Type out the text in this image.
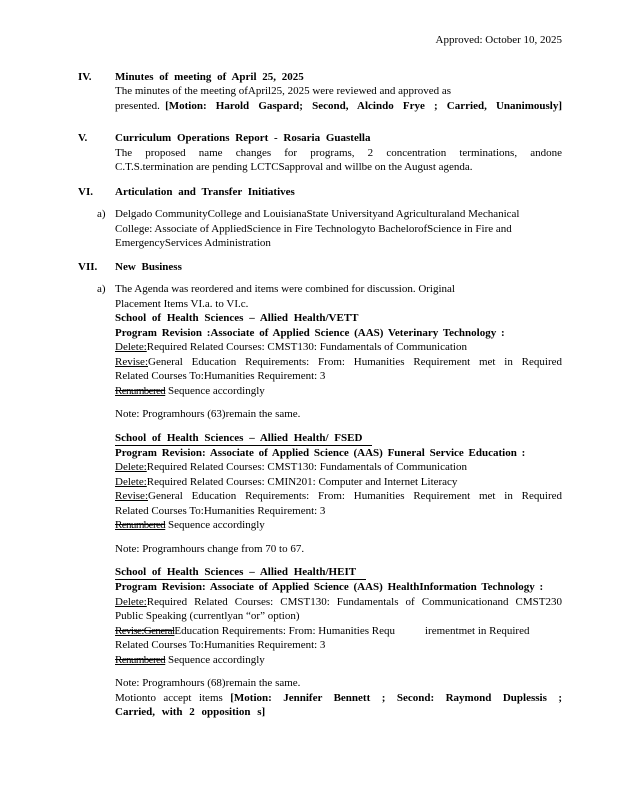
Approved: October 10, 2025
IV.	Minutes of meeting of April 25, 2025
The minutes of the meeting ofApril25, 2025 were reviewed and approved as
presented. [Motion: Harold Gaspard; Second, Alcindo Frye ; Carried, Unanimously]
V.	Curriculum Operations Report - Rosaria Guastella
The proposed name changes for programs, 2 concentration terminations, andone
C.T.S.termination are pending LCTCSapproval and willbe on the August agenda.
VI.	Articulation and Transfer Initiatives
a) Delgado CommunityCollege and LouisianaState Universityand Agriculturaland Mechanical
College: Associate of AppliedScience in Fire Technologyto BachelorofScience in Fire and
EmergencyServices Administration
VII.	New Business
a) The Agenda was reordered and items were combined for discussion. Original
Placement Items VI.a. to VI.c.
School of Health Sciences – Allied Health/VETT
Program Revision :Associate of Applied Science (AAS) Veterinary Technology :
Delete:Required Related Courses: CMST130: Fundamentals of Communication
Revise:General Education Requirements: From: Humanities Requirement met in Required
Related Courses To:Humanities Requirement: 3
Renumbered Sequence accordingly
Note: Programhours (63)remain the same.
School of Health Sciences – Allied Health/ FSED
Program Revision: Associate of Applied Science (AAS) Funeral Service Education :
Delete:Required Related Courses: CMST130: Fundamentals of Communication
Delete:Required Related Courses: CMIN201: Computer and Internet Literacy
Revise:General Education Requirements: From: Humanities Requirement met in Required
Related Courses To:Humanities Requirement: 3
Renumbered Sequence accordingly
Note: Programhours change from 70 to 67.
School of Health Sciences – Allied Health/HEIT
Program Revision: Associate of Applied Science (AAS) HealthInformation Technology :
Delete:Required Related Courses: CMST130: Fundamentals of Communicationand CMST230
Public Speaking (currentlyan “or” option)
Revise:GeneralEducation Requirements: From: Humanities Requ	irementmet in Required
Related Courses To:Humanities Requirement: 3
Renumbered Sequence accordingly
Note: Programhours (68)remain the same.
Motionto accept items [Motion: Jennifer Bennett ; Second: Raymond Duplessis ;
Carried, with 2 opposition s]
